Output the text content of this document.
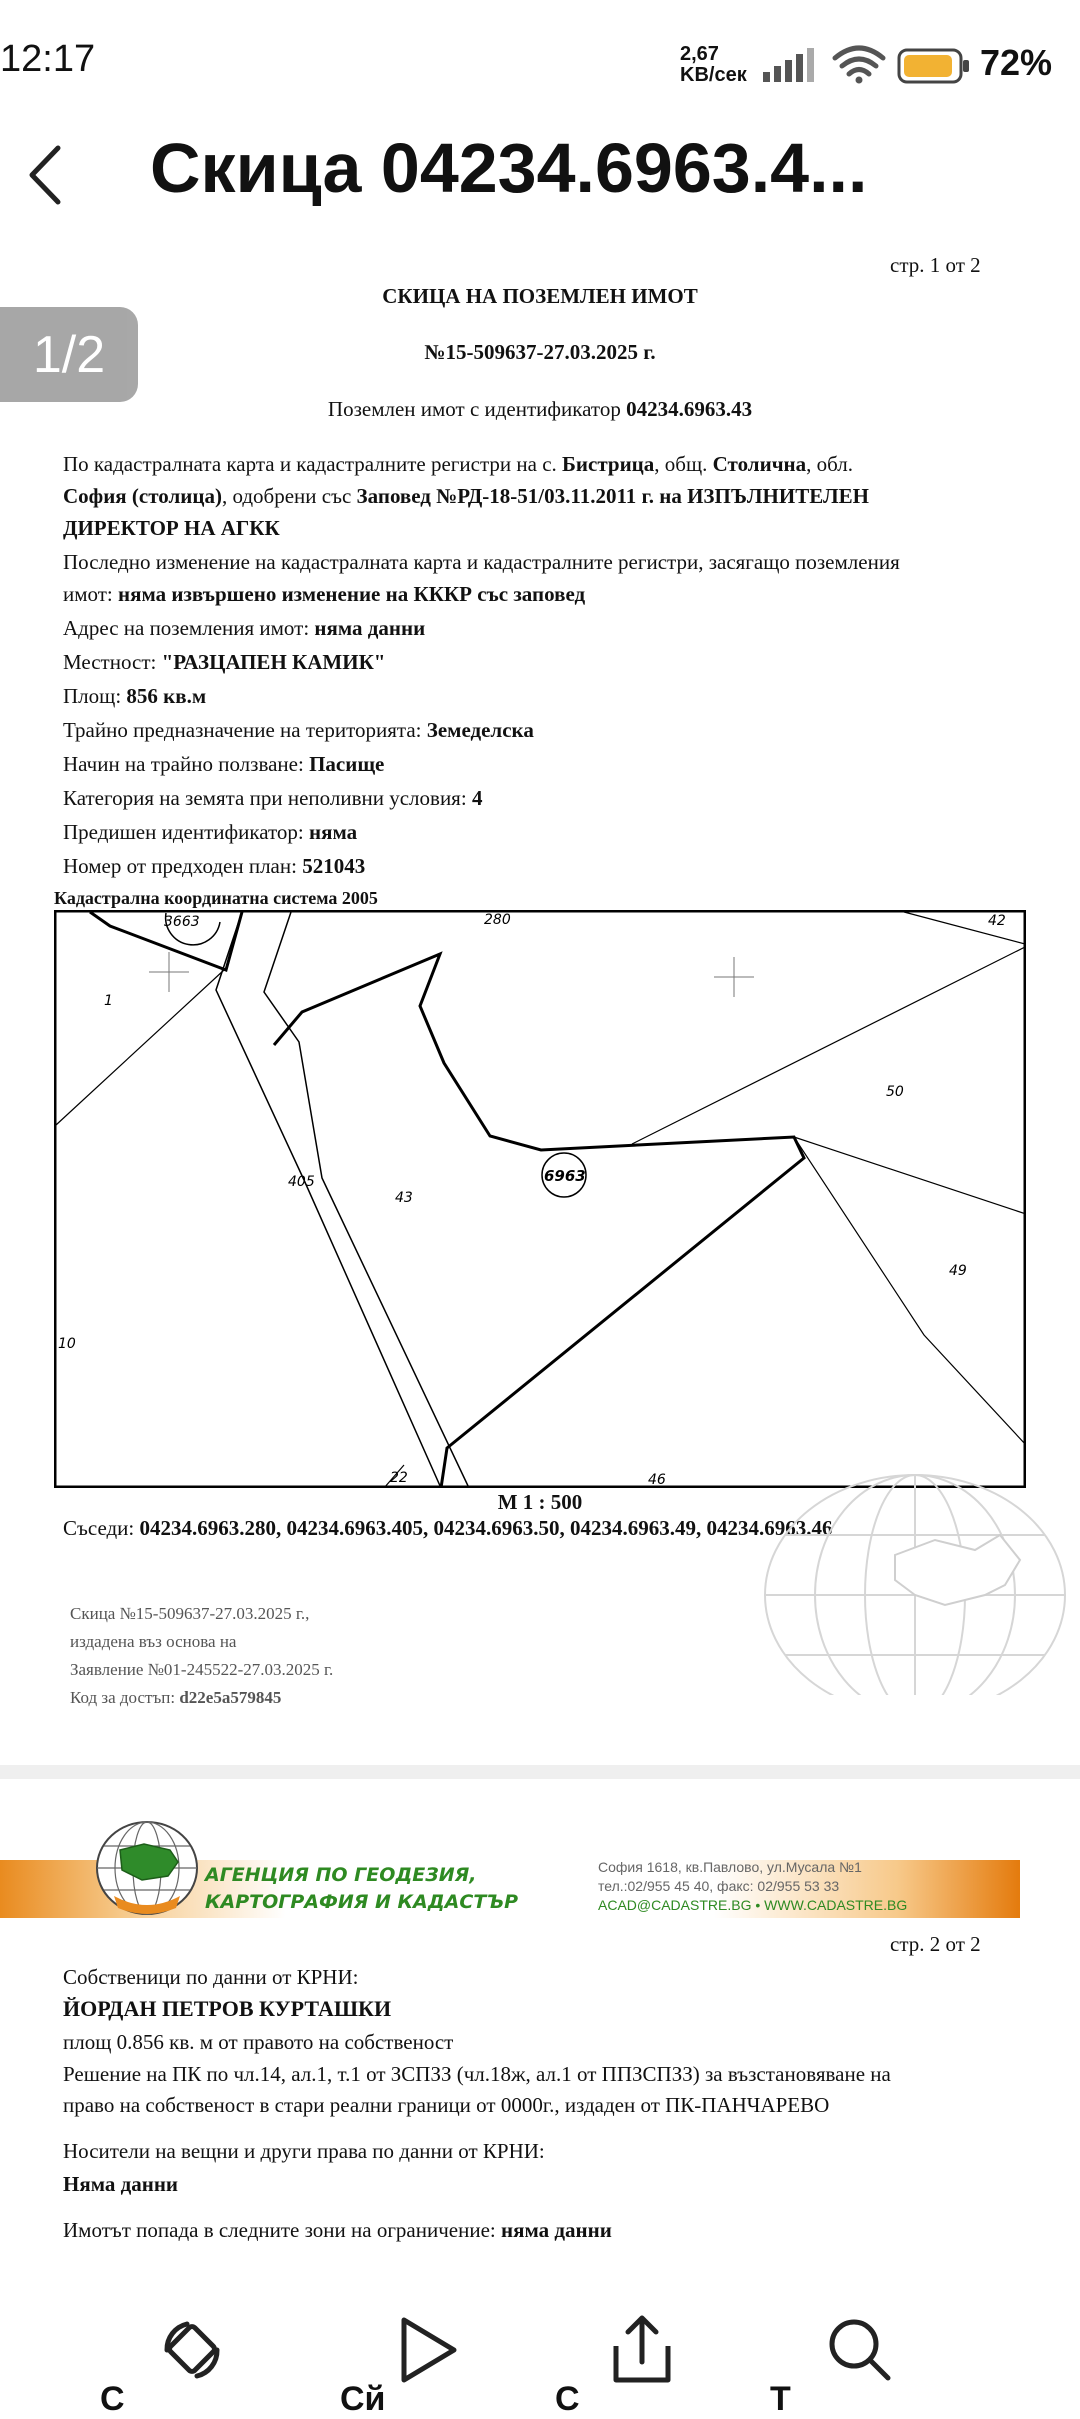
12:17	2,67
KB/сек	72%
Скица 04234.6963.4...
стр. 1 от 2
СКИЦА НА ПОЗЕМЛЕН ИМОТ
№15-509637-27.03.2025 г.
Поземлен имот с идентификатор 04234.6963.43
По кадастралната карта и кадастралните регистри на с. Бистрица, общ. Столична, обл.
София (столица), одобрени със Заповед №РД-18-51/03.11.2011 г. на ИЗПЪЛНИТЕЛЕН
ДИРЕКТОР НА АГКК
Последно изменение на кадастралната карта и кадастралните регистри, засягащо поземления
имот: няма извършено изменение на КККР със заповед
Адрес на поземления имот: няма данни
Местност: "РАЗЦАПЕН КАМИК"
Площ: 856 кв.м
Трайно предназначение на територията: Земеделска
Начин на трайно ползване: Пасище
Категория на земята при неполивни условия: 4
Предишен идентификатор: няма
Номер от предходен план: 521043
Кадастрална координатна система 2005
1/2
3663	280	42
1
50
405
43
6963
49
10
22	46
М 1 : 500
Съседи: 04234.6963.280, 04234.6963.405, 04234.6963.50, 04234.6963.49, 04234.6963.46
Скица №15-509637-27.03.2025 г.,
издадена въз основа на
Заявление №01-245522-27.03.2025 г.
Код за достъп: d22e5a579845
АГЕНЦИЯ ПО ГЕОДЕЗИЯ,
КАРТОГРАФИЯ И КАДАСТЪР
София 1618, кв.Павлово, ул.Мусала №1
тел.:02/955 45 40, факс: 02/955 53 33
ACAD@CADASTRE.BG • WWW.CADASTRE.BG
стр. 2 от 2
Собственици по данни от КРНИ:
ЙОРДАН ПЕТРОВ КУРТАШКИ
площ 0.856 кв. м от правото на собственост
Решение на ПК по чл.14, ал.1, т.1 от ЗСПЗЗ (чл.18ж, ал.1 от ППЗСПЗЗ) за възстановяване на
право на собственост в стари реални граници от 0000г., издаден от ПК-ПАНЧАРЕВО
Носители на вещни и други права по данни от КРНИ:
Няма данни
Имотът попада в следните зони на ограничение: няма данни
С	Сй	С	Т
